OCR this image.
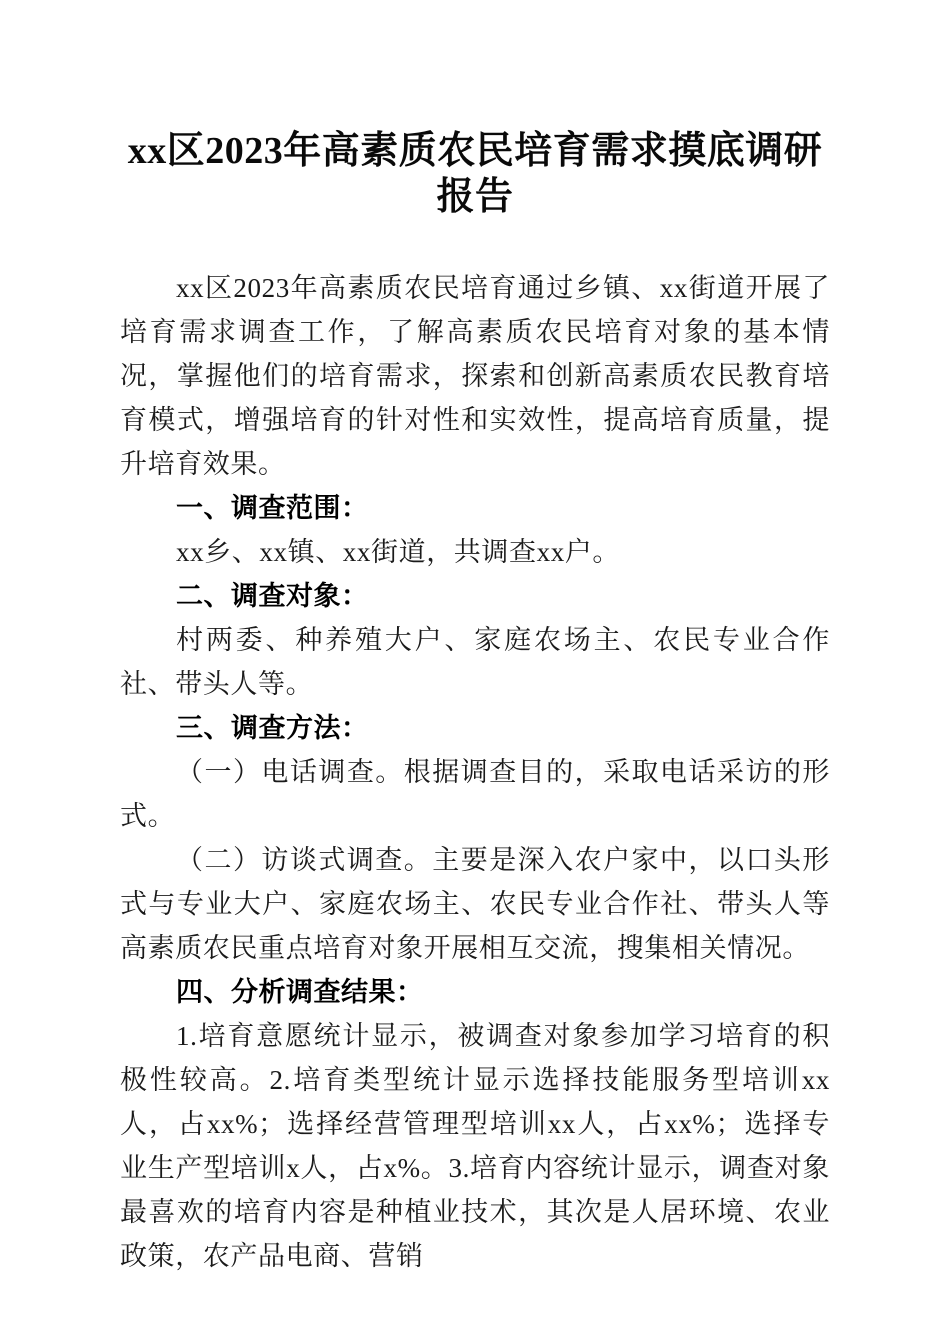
xx区2023年高素质农民培育需求摸底调研报告

xx区2023年高素质农民培育通过乡镇、xx街道开展了培育需求调查工作，了解高素质农民培育对象的基本情况，掌握他们的培育需求，探索和创新高素质农民教育培育模式，增强培育的针对性和实效性，提高培育质量，提升培育效果。

一、调查范围：

xx乡、xx镇、xx街道，共调查xx户。

二、调查对象：

村两委、种养殖大户、家庭农场主、农民专业合作社、带头人等。

三、调查方法：

（一）电话调查。根据调查目的，采取电话采访的形式。

（二）访谈式调查。主要是深入农户家中，以口头形式与专业大户、家庭农场主、农民专业合作社、带头人等高素质农民重点培育对象开展相互交流，搜集相关情况。

四、分析调查结果：

1.培育意愿统计显示，被调查对象参加学习培育的积极性较高。2.培育类型统计显示选择技能服务型培训xx人，占xx%；选择经营管理型培训xx人，占xx%；选择专业生产型培训x人，占x%。3.培育内容统计显示，调查对象最喜欢的培育内容是种植业技术，其次是人居环境、农业政策，农产品电商、营销
